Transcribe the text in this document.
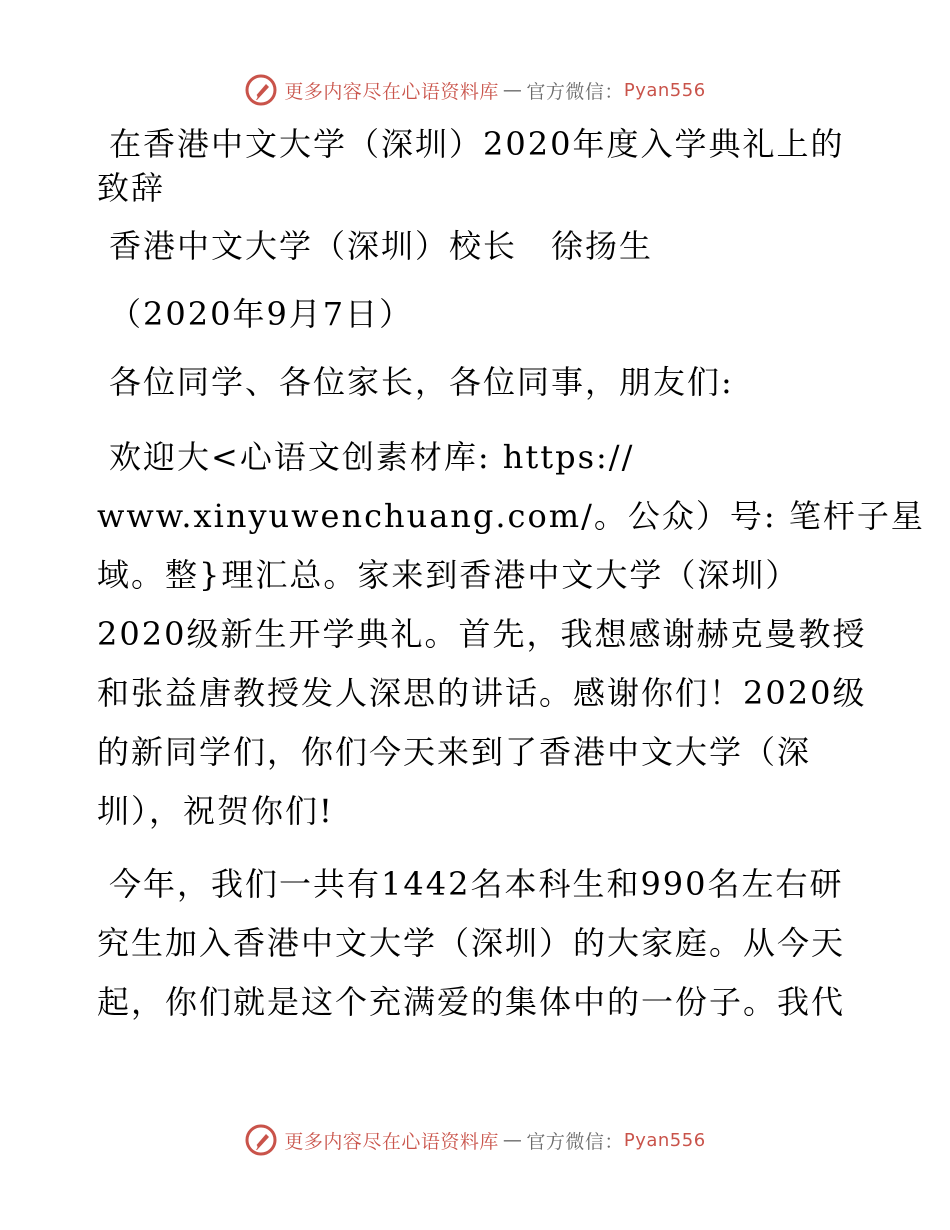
更多内容尽在心语资料库 — 官方微信： Pyan556
在香港中文大学（深圳）2020年度入学典礼上的
致辞
香港中文大学（深圳）校长　徐扬生
（2020年9月7日）
各位同学、各位家长，各位同事，朋友们:
欢迎大<心语文创素材库: https://
www.xinyuwenchuang.com/。公众）号: 笔杆子星
域。整}理汇总。家来到香港中文大学（深圳）
2020级新生开学典礼。首先，我想感谢赫克曼教授
和张益唐教授发人深思的讲话。感谢你们！2020级
的新同学们，你们今天来到了香港中文大学（深
圳），祝贺你们!
今年，我们一共有1442名本科生和990名左右研
究生加入香港中文大学（深圳）的大家庭。从今天
起，你们就是这个充满爱的集体中的一份子。我代
更多内容尽在心语资料库 — 官方微信： Pyan556
